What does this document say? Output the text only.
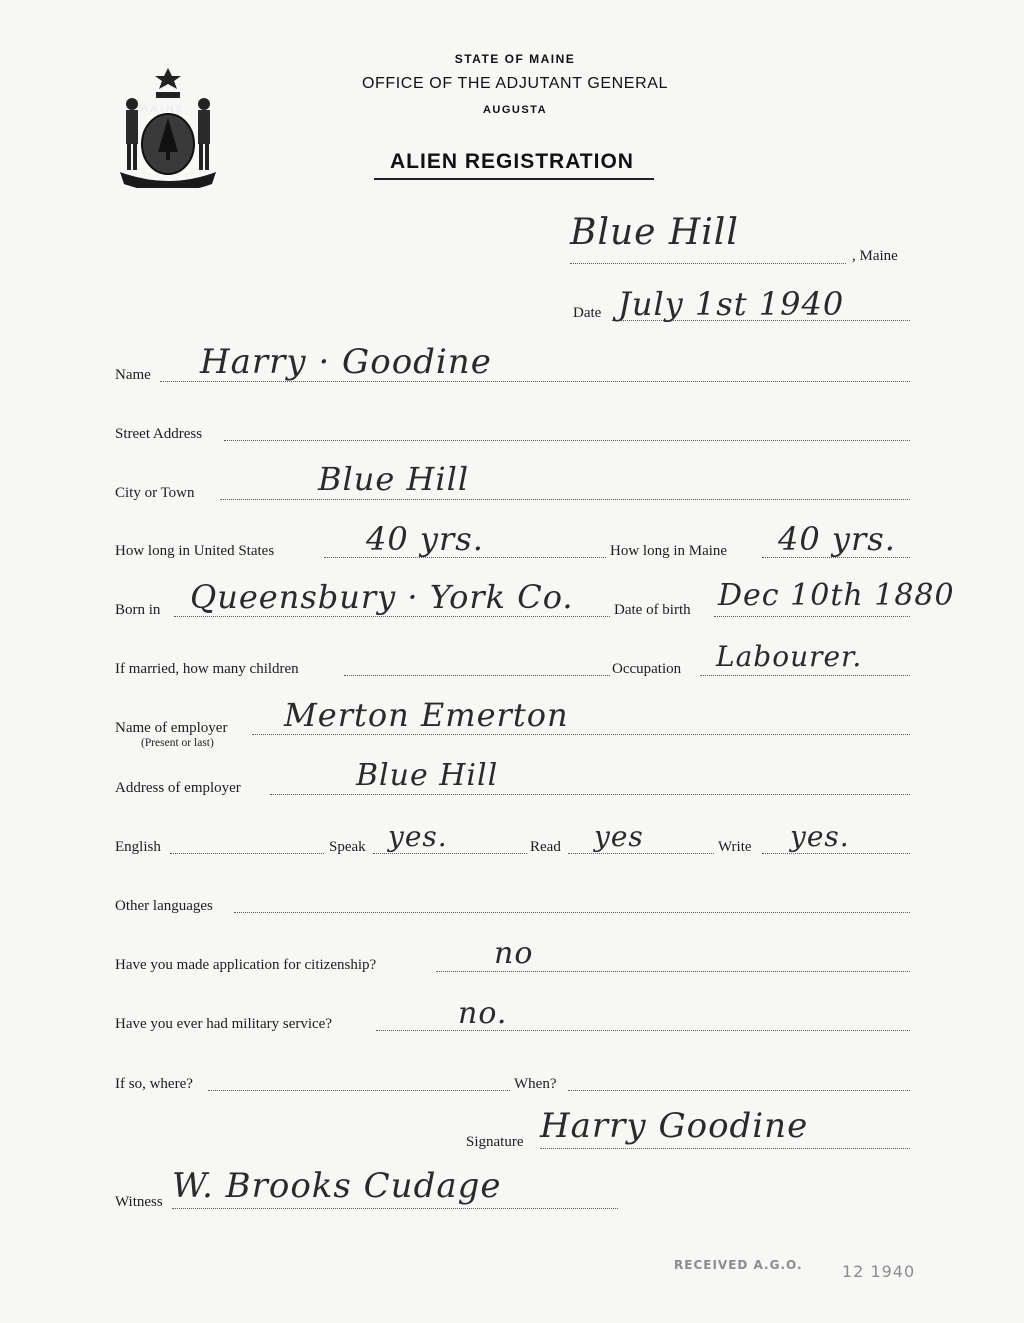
MAINE
STATE OF MAINE
OFFICE OF THE ADJUTANT GENERAL
AUGUSTA
ALIEN REGISTRATION
Blue Hill
, Maine
Date July 1st 1940
Name Harry · Goodine
Street Address
City or Town	Blue Hill
How long in United States	40 yrs.	How long in Maine 40 yrs.
Born in Queensbury · York Co.	Date of birth Dec 10th 1880
If married, how many children	Occupation Labourer.
Name of employer
(Present or last)
Merton Emerton
Address of employer	Blue Hill
English	Speak yes.	Read yes	Write yes.
Other languages
Have you made application for citizenship?	no
Have you ever had military service?	no.
If so, where?	When?
Signature Harry Goodine
Witness W. Brooks Cudage
RECEIVED A.G.O. 12 1940
